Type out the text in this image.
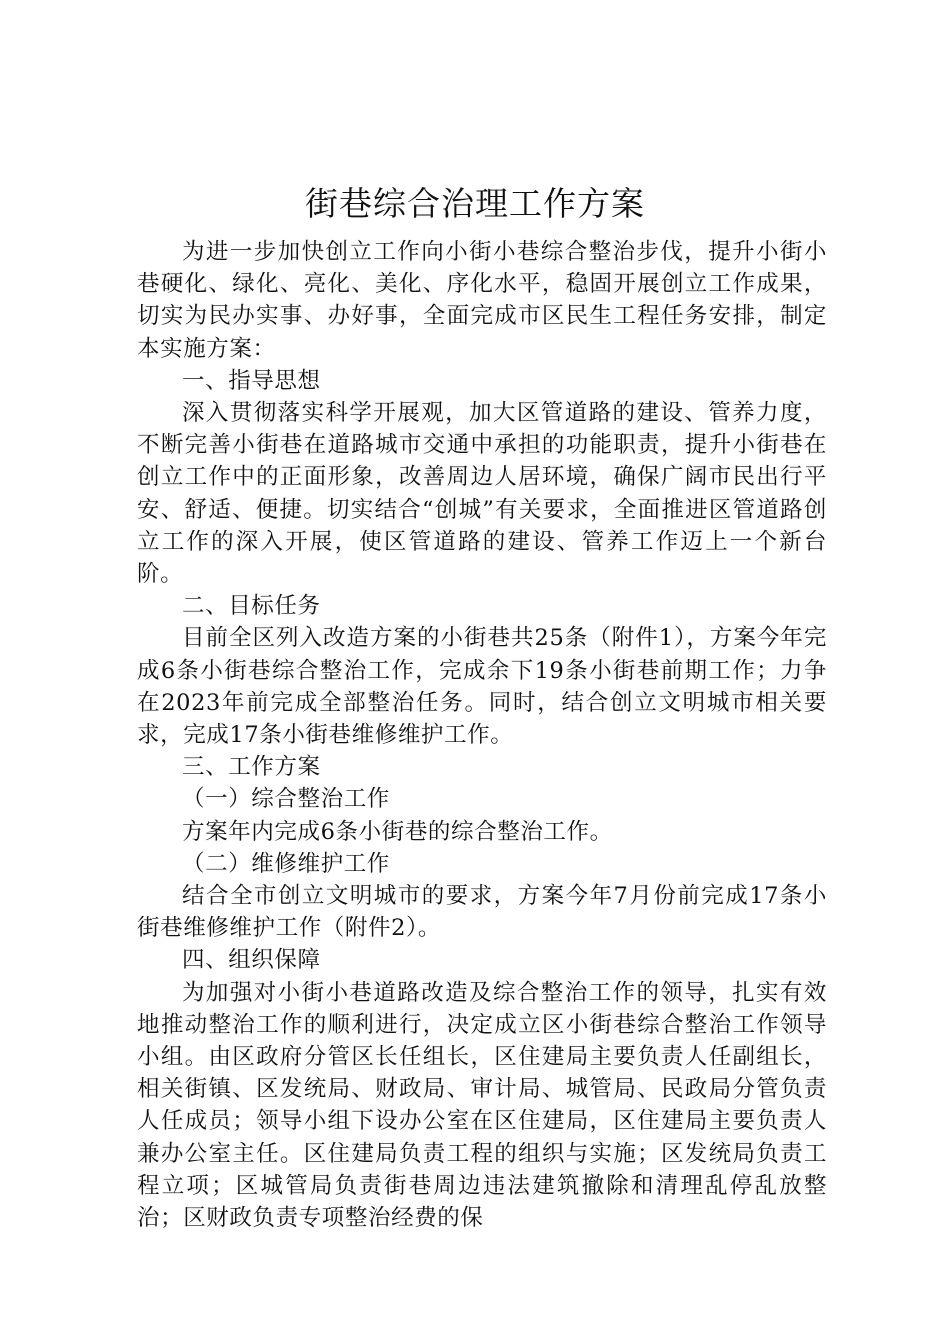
街巷综合治理工作方案

为进一步加快创立工作向小街小巷综合整治步伐，提升小街小巷硬化、绿化、亮化、美化、序化水平，稳固开展创立工作成果，切实为民办实事、办好事，全面完成市区民生工程任务安排，制定本实施方案：

一、指导思想

深入贯彻落实科学开展观，加大区管道路的建设、管养力度，不断完善小街巷在道路城市交通中承担的功能职责，提升小街巷在创立工作中的正面形象，改善周边人居环境，确保广阔市民出行平安、舒适、便捷。切实结合“创城”有关要求，全面推进区管道路创立工作的深入开展，使区管道路的建设、管养工作迈上一个新台阶。

二、目标任务

目前全区列入改造方案的小街巷共25条（附件1），方案今年完成6条小街巷综合整治工作，完成余下19条小街巷前期工作；力争在2023年前完成全部整治任务。同时，结合创立文明城市相关要求，完成17条小街巷维修维护工作。

三、工作方案

（一）综合整治工作

方案年内完成6条小街巷的综合整治工作。

（二）维修维护工作

结合全市创立文明城市的要求，方案今年7月份前完成17条小街巷维修维护工作（附件2）。

四、组织保障

为加强对小街小巷道路改造及综合整治工作的领导，扎实有效地推动整治工作的顺利进行，决定成立区小街巷综合整治工作领导小组。由区政府分管区长任组长，区住建局主要负责人任副组长，相关街镇、区发统局、财政局、审计局、城管局、民政局分管负责人任成员；领导小组下设办公室在区住建局，区住建局主要负责人兼办公室主任。区住建局负责工程的组织与实施；区发统局负责工程立项；区城管局负责街巷周边违法建筑撤除和清理乱停乱放整治；区财政负责专项整治经费的保
